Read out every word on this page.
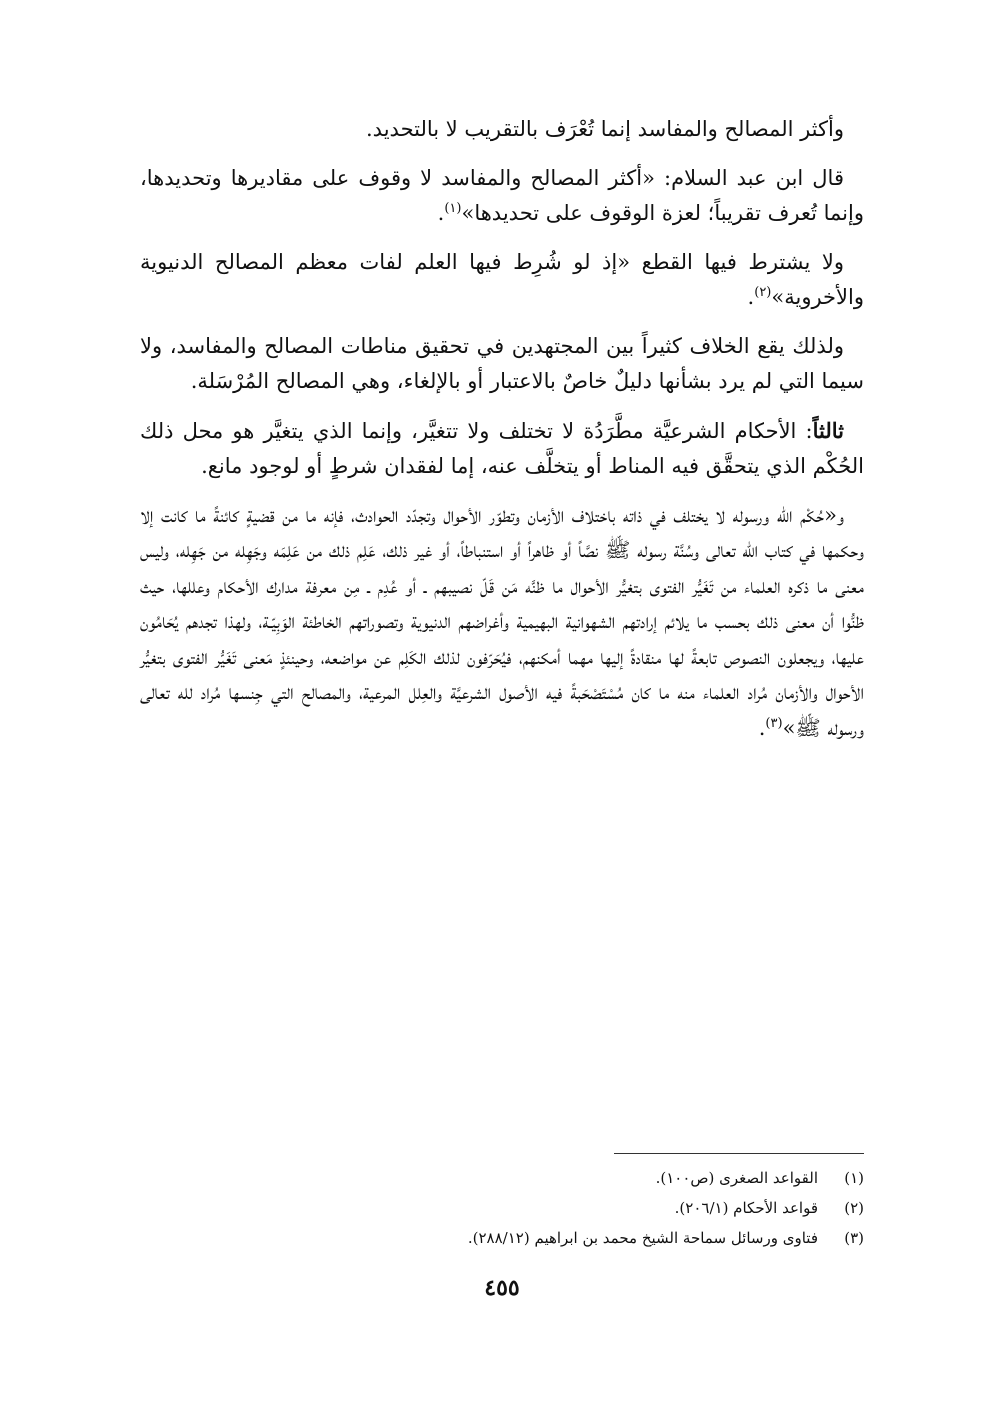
وأكثر المصالح والمفاسد إنما تُعْرَف بالتقريب لا بالتحديد.

قال ابن عبد السلام: «أكثر المصالح والمفاسد لا وقوف على مقاديرها وتحديدها، وإنما تُعرف تقريباً؛ لعزة الوقوف على تحديدها»$^{(١)}$.

ولا يشترط فيها القطع «إذ لو شُرِط فيها العلم لفات معظم المصالح الدنيوية والأخروية»$^{(٢)}$.

ولذلك يقع الخلاف كثيراً بين المجتهدين في تحقيق مناطات المصالح والمفاسد، ولا سيما التي لم يرد بشأنها دليلٌ خاصٌ بالاعتبار أو بالإلغاء، وهي المصالح المُرْسَلة.

ثالثاً: الأحكام الشرعيَّة مطَّرَدُة لا تختلف ولا تتغيَّر، وإنما الذي يتغيَّر هو محل ذلك الحُكْم الذي يتحقَّق فيه المناط أو يتخلَّف عنه، إما لفقدان شرطٍ أو لوجود مانع.

و«حُكْم الله ورسوله لا يختلف في ذاته باختلاف الأزمان وتطوّر الأحوال وتجدّد الحوادث، فإنه ما من قضيةٍ كائنةً ما كانت إلا وحكمها في كتاب الله تعالى وسُنَّة رسوله ﷺ نصَّاً أو ظاهراً أو استنباطاً، أو غير ذلك، عَلِم ذلك من عَلِمَه وجَهِله من جَهِله، وليس معنى ما ذكره العلماء من تَغَيُّر الفتوى بتغيُّر الأحوال ما ظنَّه مَن قَلّ نصيبهم ـ أو عُدِم ـ مِن معرفة مدارك الأحكام وعللها، حيث ظنُّوا أن معنى ذلك بحسب ما يلائم إرادتهم الشهوانية البهيمية وأغراضهم الدنيوية وتصوراتهم الخاطئة الوَبِيّـة، ولهذا تجدهم يُحَامُون عليها، ويجعلون النصوص تابعةً لها منقادةً إليها مهما أمكنهم، فيُحَرّفون لذلك الكَلِم عن مواضعه، وحينئذٍ مَعنى تَغَيُّر الفتوى بتغيُّر الأحوال والأزمان مُراد العلماء منه ما كان مُسْتَصْحَبةً فيه الأصول الشرعيَّة والعِلل المرعية، والمصالح التي جِنسها مُراد لله تعالى ورسوله ﷺ»$^{(٣)}$.

(١)
القواعد الصغرى (ص١٠٠).
(٢)
قواعد الأحكام (٢٠٦/١).
(٣)
فتاوى ورسائل سماحة الشيخ محمد بن ابراهيم (٢٨٨/١٢).
٤٥٥
